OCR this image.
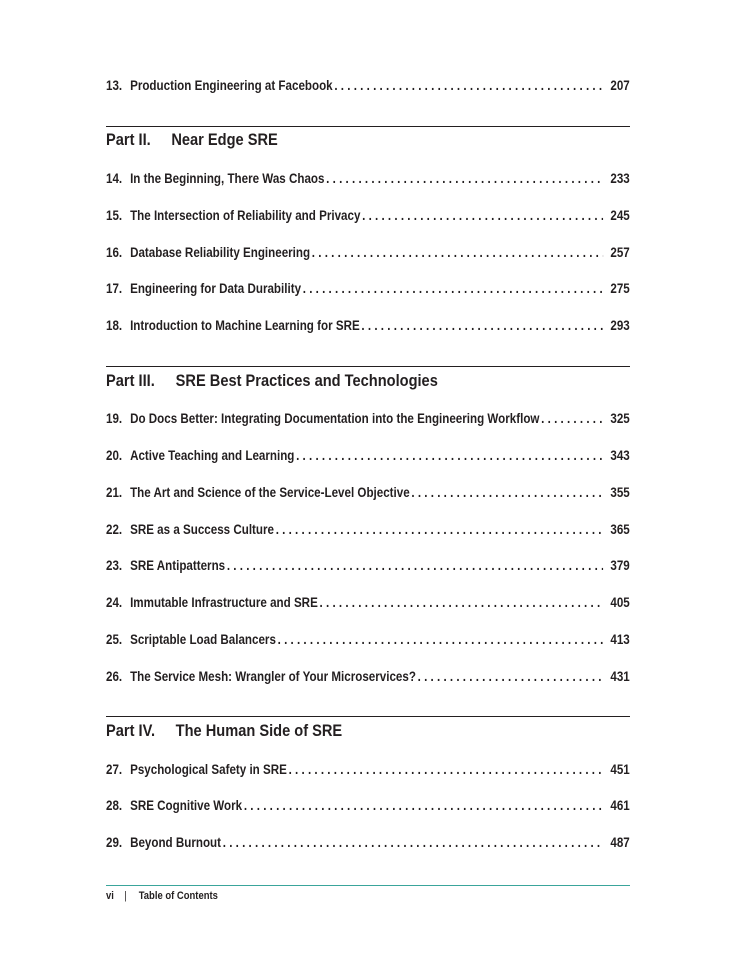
13. Production Engineering at Facebook . . .	207
Part II.	Near Edge SRE
14. In the Beginning, There Was Chaos . . .	233
15. The Intersection of Reliability and Privacy . . .	245
16. Database Reliability Engineering . . .	257
17. Engineering for Data Durability . . .	275
18. Introduction to Machine Learning for SRE . . .	293
Part III.	SRE Best Practices and Technologies
19. Do Docs Better: Integrating Documentation into the Engineering Workflow . . .	325
20. Active Teaching and Learning . . .	343
21. The Art and Science of the Service-Level Objective . . .	355
22. SRE as a Success Culture . . .	365
23. SRE Antipatterns . . .	379
24. Immutable Infrastructure and SRE . . .	405
25. Scriptable Load Balancers . . .	413
26. The Service Mesh: Wrangler of Your Microservices? . . .	431
Part IV.	The Human Side of SRE
27. Psychological Safety in SRE . . .	451
28. SRE Cognitive Work . . .	461
29. Beyond Burnout . . .	487
vi | Table of Contents
